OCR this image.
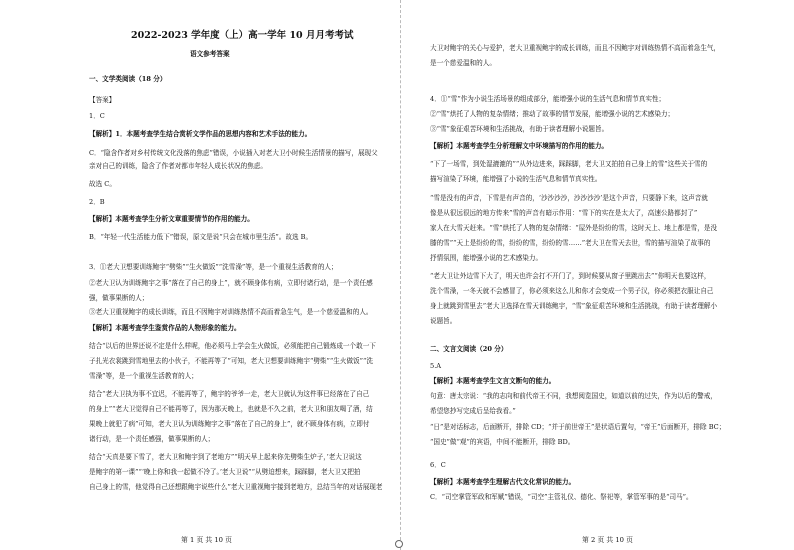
2022-2023 学年度（上）高一学年 10 月月考考试
语文参考答案
一、文学类阅读（18 分）
【答案】
1．C
【解析】1．本题考查学生结合赏析文学作品的思想内容和艺术手法的能力。
C．“隐含作者对乡村传统文化没落的焦虑”错误，小说插入对老大卫小时候生活情景的描写，展现父
亲对自己的训练，隐含了作者对都市年轻人成长状况的焦虑。
故选 C。
2．B
【解析】本题考查学生分析文章重要情节的作用的能力。
B．“年轻一代生活能力低下”错误，原文是说“只会在城市里生活”。故选 B。
3．①老大卫想要训练鲍宇“劈柴”“生火做饭”“洗雪澡”等，是一个重视生活教育的人；
②老大卫认为训练鲍宇之事“落在了自己的身上”，就不顾身体有病，立即付诸行动，是一个责任感
强，做事果断的人；
③老大卫重视鲍宇的成长训练，而且不因鲍宇对训练热情不高而着急生气，是一个慈爱温和的人。
【解析】本题考查学生鉴赏作品的人物形象的能力。
结合“以后的世界还说不定是什么样呢，他必须马上学会生火做饭，必须能把自己锻炼成一个敢一下
子扎光衣裳跳到雪地里去的小伙子，不能再等了”可知，老大卫想要训练鲍宇“劈柴”“生火做饭”“洗
雪澡”等，是一个重视生活教育的人；
结合“老大卫执为事不宜迟，不能再等了，鲍宇的爷爷一走，老大卫就认为这件事已经落在了自己
的身上”“老大卫觉得自己不能再等了，因为那天晚上，也就是不久之前，老大卫和朋友喝了酒，结
果晚上就犯了病”可知，老大卫认为训练鲍宇之事“落在了自己的身上”，就不顾身体有病，立即付
诸行动，是一个责任感强，做事果断的人；
结合“天真是要下雪了，老大卫和鲍宇到了老地方”“明天早上起来你先劈柴生炉子，’老大卫说这
是鲍宇的第一课”“‘晚上你和我一起做不冷了。’老大卫说”“从劈迫想来，踩踩脚，老大卫又把拍
自己身上的雪，他觉得自己还想跟鲍宇说些什么”老大卫重视鲍宇接到老地方，总结当年的对话展现老
大卫对鲍宇的关心与爱护，老大卫重视鲍宇的成长训练，而且不因鲍宇对训练热情不高而着急生气，
是一个慈爱温和的人。
4．①“雪”作为小说生活场景的组成部分，能增强小说的生活气息和情节真实性；
②“雪”烘托了人物的复杂情绪；推动了故事的情节发展，能增强小说的艺术感染力；
③“雪”象征艰苦环境和生活挑战，有助于读者理解小说题旨。
【解析】本题考查学生分析理解文中环境描写的作用的能力。
“下了一场雪，到处湿漉漉的”“从外边进来，踩踩脚，老大卫又拍拍自己身上的雪”这些关于雪的
描写渲染了环境，能增强了小说的生活气息和情节真实性。
“雪是没有的声音，下雪是有声音的，‘沙沙沙沙，沙沙沙沙’是这个声音，只要静下来，这声音就
像是从很远很远的地方传来”雪的声音有暗示作用：“雪下的实在是太大了，高速公路都封了”
家人在大雪天赶来。“雪”烘托了人物的复杂情绪：“屋外是纷纷的雪，这时天上、地上都是雪，是没
膝的雪”“天上是纷纷的雪，纷纷的雪，纷纷的雪……”老大卫在雪天去世，雪的描写渲染了故事的
抒情氛围，能增强小说的艺术感染力。
“老大卫让外边雪下大了，明天也许会打不开门了，到时候要从窗子里跳出去”“你明天也要这样，
洗个雪澡，一冬天就不会感冒了，你必须来这么儿和你才会变成一个男子汉，你必须把衣服让自己
身上就跳到雪里去”老大卫选择在雪天训练鲍宇，“雪”象征艰苦环境和生活挑战，有助于读者理解小
说题旨。
二、文言文阅读（20 分）
5.A
【解析】本题考查学生文言文断句的能力。
句意：唐太宗说：“我的志向和前代帝王不同，我想阅览国史，如道以前的过失，作为以后的警戒，
希望您抄写完成后呈给我看。”
“日”是对话标志，后面断开，排除 CD；“并于前世帝王”是状语后置句，“帝王”后面断开，排除 BC；
“国史”做“观”的宾语，中间不能断开，排除 BD。
6．C
【解析】本题考查学生理解古代文化常识的能力。
C．“司空掌管军政和军赋”错误，“司空”主管礼仪、德化、祭祀等，掌管军事的是“司马”。
第 1 页 共 10 页	第 2 页 共 10 页
